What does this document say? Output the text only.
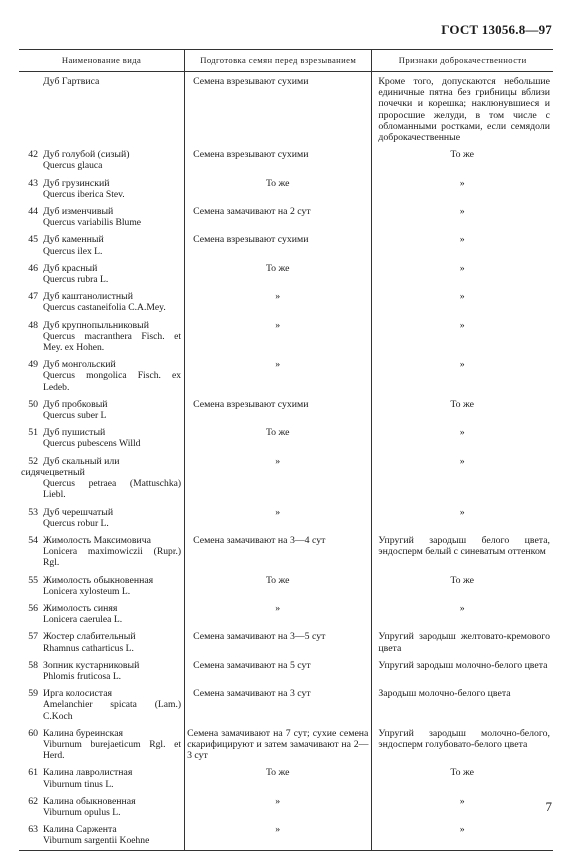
ГОСТ 13056.8—97
Наименование вида	Подготовка семян перед взрезыванием	Признаки доброкачественности

Дуб Гартвиса	Семена взрезывают сухими	Кроме того, допускаются небольшие единичные пятна без грибницы вблизи почечки и корешка; наклюнувшиеся и проросшие желуди, в том числе с обломанными ростками, если семядоли доброкачественные

42 Дуб голубой (сизый)
Quercus glauca	Семена взрезывают сухими	То же

43 Дуб грузинский
Quercus iberica Stev.	То же	»

44 Дуб изменчивый
Quercus variabilis Blume	Семена замачивают на 2 сут	»

45 Дуб каменный
Quercus ilex L.	Семена взрезывают сухими	»

46 Дуб красный
Quercus rubra L.	То же	»

47 Дуб каштанолистный
Quercus castaneifolia C.A.Mey.	»	»

48 Дуб крупнопыльниковый
Quercus macranthera Fisch. et Mey. ex Hohen.	»	»

49 Дуб монгольский
Quercus mongolica Fisch. ex Ledeb.	»	»

50 Дуб пробковый
Quercus suber L	Семена взрезывают сухими	То же

51 Дуб пушистый
Quercus pubescens Willd	То же	»

52 Дуб скальный или сидячецветный
Quercus petraea (Mattuschka) Liebl.	»	»

53 Дуб черешчатый
Quercus robur L.	»	»

54 Жимолость Максимовича
Lonicera maximowiczii (Rupr.) Rgl.	Семена замачивают на 3—4 сут	Упругий зародыш белого цвета, эндосперм белый с синеватым оттенком

55 Жимолость обыкновенная
Lonicera xylosteum L.	То же	То же

56 Жимолость синяя
Lonicera caerulea L.	»	»

57 Жостер слабительный
Rhamnus catharticus L.	Семена замачивают на 3—5 сут	Упругий зародыш желтовато-кремового цвета

58 Зопник кустарниковый
Phlomis fruticosa L.	Семена замачивают на 5 сут	Упругий зародыш молочно-белого цвета

59 Ирга колосистая
Amelanchier spicata (Lam.) C.Koch	Семена замачивают на 3 сут	Зародыш молочно-белого цвета

60 Калина буреинская
Viburnum burejaeticum Rgl. et Herd.	Семена замачивают на 7 сут; сухие семена скарифицируют и затем замачивают на 2—3 сут	Упругий зародыш молочно-белого, эндосперм голубовато-белого цвета

61 Калина лавролистная
Viburnum tinus L.	То же	То же

62 Калина обыкновенная
Viburnum opulus L.	»	»

63 Калина Саржента
Viburnum sargentii Koehne	»	»
7
